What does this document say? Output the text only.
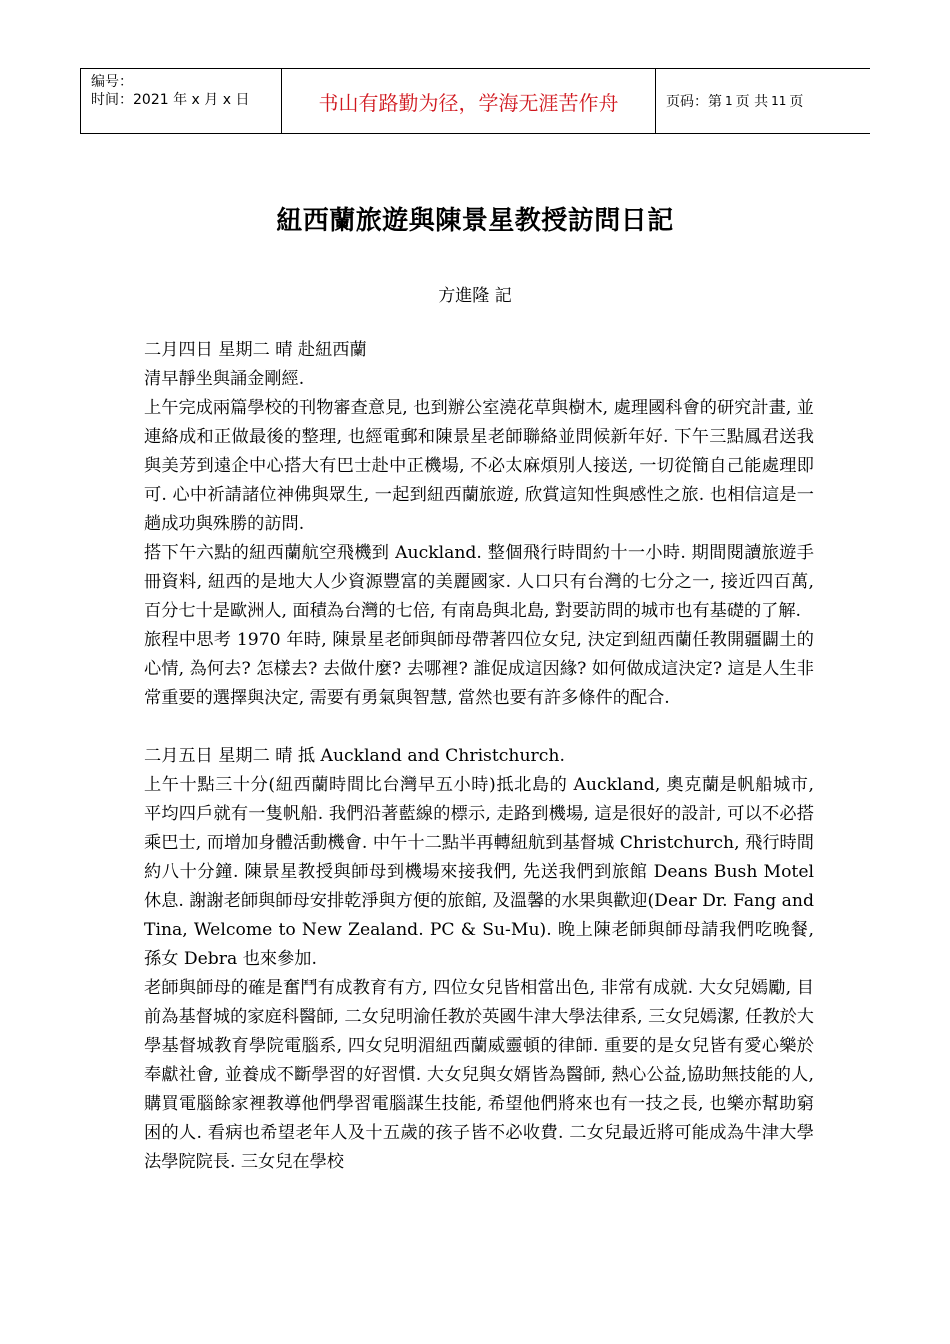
编号：
时间：2021 年 x 月 x 日	书山有路勤为径，学海无涯苦作舟	页码：第 1 页 共 11 页
紐西蘭旅遊與陳景星教授訪問日記
方進隆 記

二月四日 星期二 晴 赴紐西蘭

清早靜坐與誦金剛經.

上午完成兩篇學校的刊物審查意見, 也到辦公室澆花草與樹木, 處理國科會的研究計畫, 並連絡成和正做最後的整理, 也經電郵和陳景星老師聯絡並問候新年好. 下午三點鳳君送我與美芳到遠企中心搭大有巴士赴中正機場, 不必太麻煩別人接送, 一切從簡自己能處理即可. 心中祈請諸位神佛與眾生, 一起到紐西蘭旅遊, 欣賞這知性與感性之旅. 也相信這是一趟成功與殊勝的訪問.

搭下午六點的紐西蘭航空飛機到 Auckland. 整個飛行時間約十一小時. 期間閱讀旅遊手冊資料, 紐西的是地大人少資源豐富的美麗國家. 人口只有台灣的七分之一, 接近四百萬, 百分七十是歐洲人, 面積為台灣的七倍, 有南島與北島, 對要訪問的城市也有基礎的了解.

旅程中思考 1970 年時, 陳景星老師與師母帶著四位女兒, 決定到紐西蘭任教開疆闢土的心情, 為何去? 怎樣去? 去做什麼? 去哪裡? 誰促成這因緣? 如何做成這決定? 這是人生非常重要的選擇與決定, 需要有勇氣與智慧, 當然也要有許多條件的配合.

二月五日 星期二 晴 抵 Auckland and Christchurch.

上午十點三十分(紐西蘭時間比台灣早五小時)抵北島的 Auckland, 奧克蘭是帆船城市, 平均四戶就有一隻帆船. 我們沿著藍線的標示, 走路到機場, 這是很好的設計, 可以不必搭乘巴士, 而增加身體活動機會. 中午十二點半再轉紐航到基督城 Christchurch, 飛行時間約八十分鐘. 陳景星教授與師母到機場來接我們, 先送我們到旅館 Deans Bush Motel 休息. 謝謝老師與師母安排乾淨與方便的旅館, 及溫馨的水果與歡迎(Dear Dr. Fang and Tina, Welcome to New Zealand. PC & Su-Mu). 晚上陳老師與師母請我們吃晚餐, 孫女 Debra 也來參加.

老師與師母的確是奮鬥有成教育有方, 四位女兒皆相當出色, 非常有成就. 大女兒嫣勵, 目前為基督城的家庭科醫師, 二女兒明渝任教於英國牛津大學法律系, 三女兒嫣潔, 任教於大學基督城教育學院電腦系, 四女兒明湄紐西蘭威靈頓的律師. 重要的是女兒皆有愛心樂於奉獻社會, 並養成不斷學習的好習慣. 大女兒與女婿皆為醫師, 熱心公益,協助無技能的人, 購買電腦餘家裡教導他們學習電腦謀生技能, 希望他們將來也有一技之長, 也樂亦幫助窮困的人. 看病也希望老年人及十五歲的孩子皆不必收費. 二女兒最近將可能成為牛津大學法學院院長. 三女兒在學校
